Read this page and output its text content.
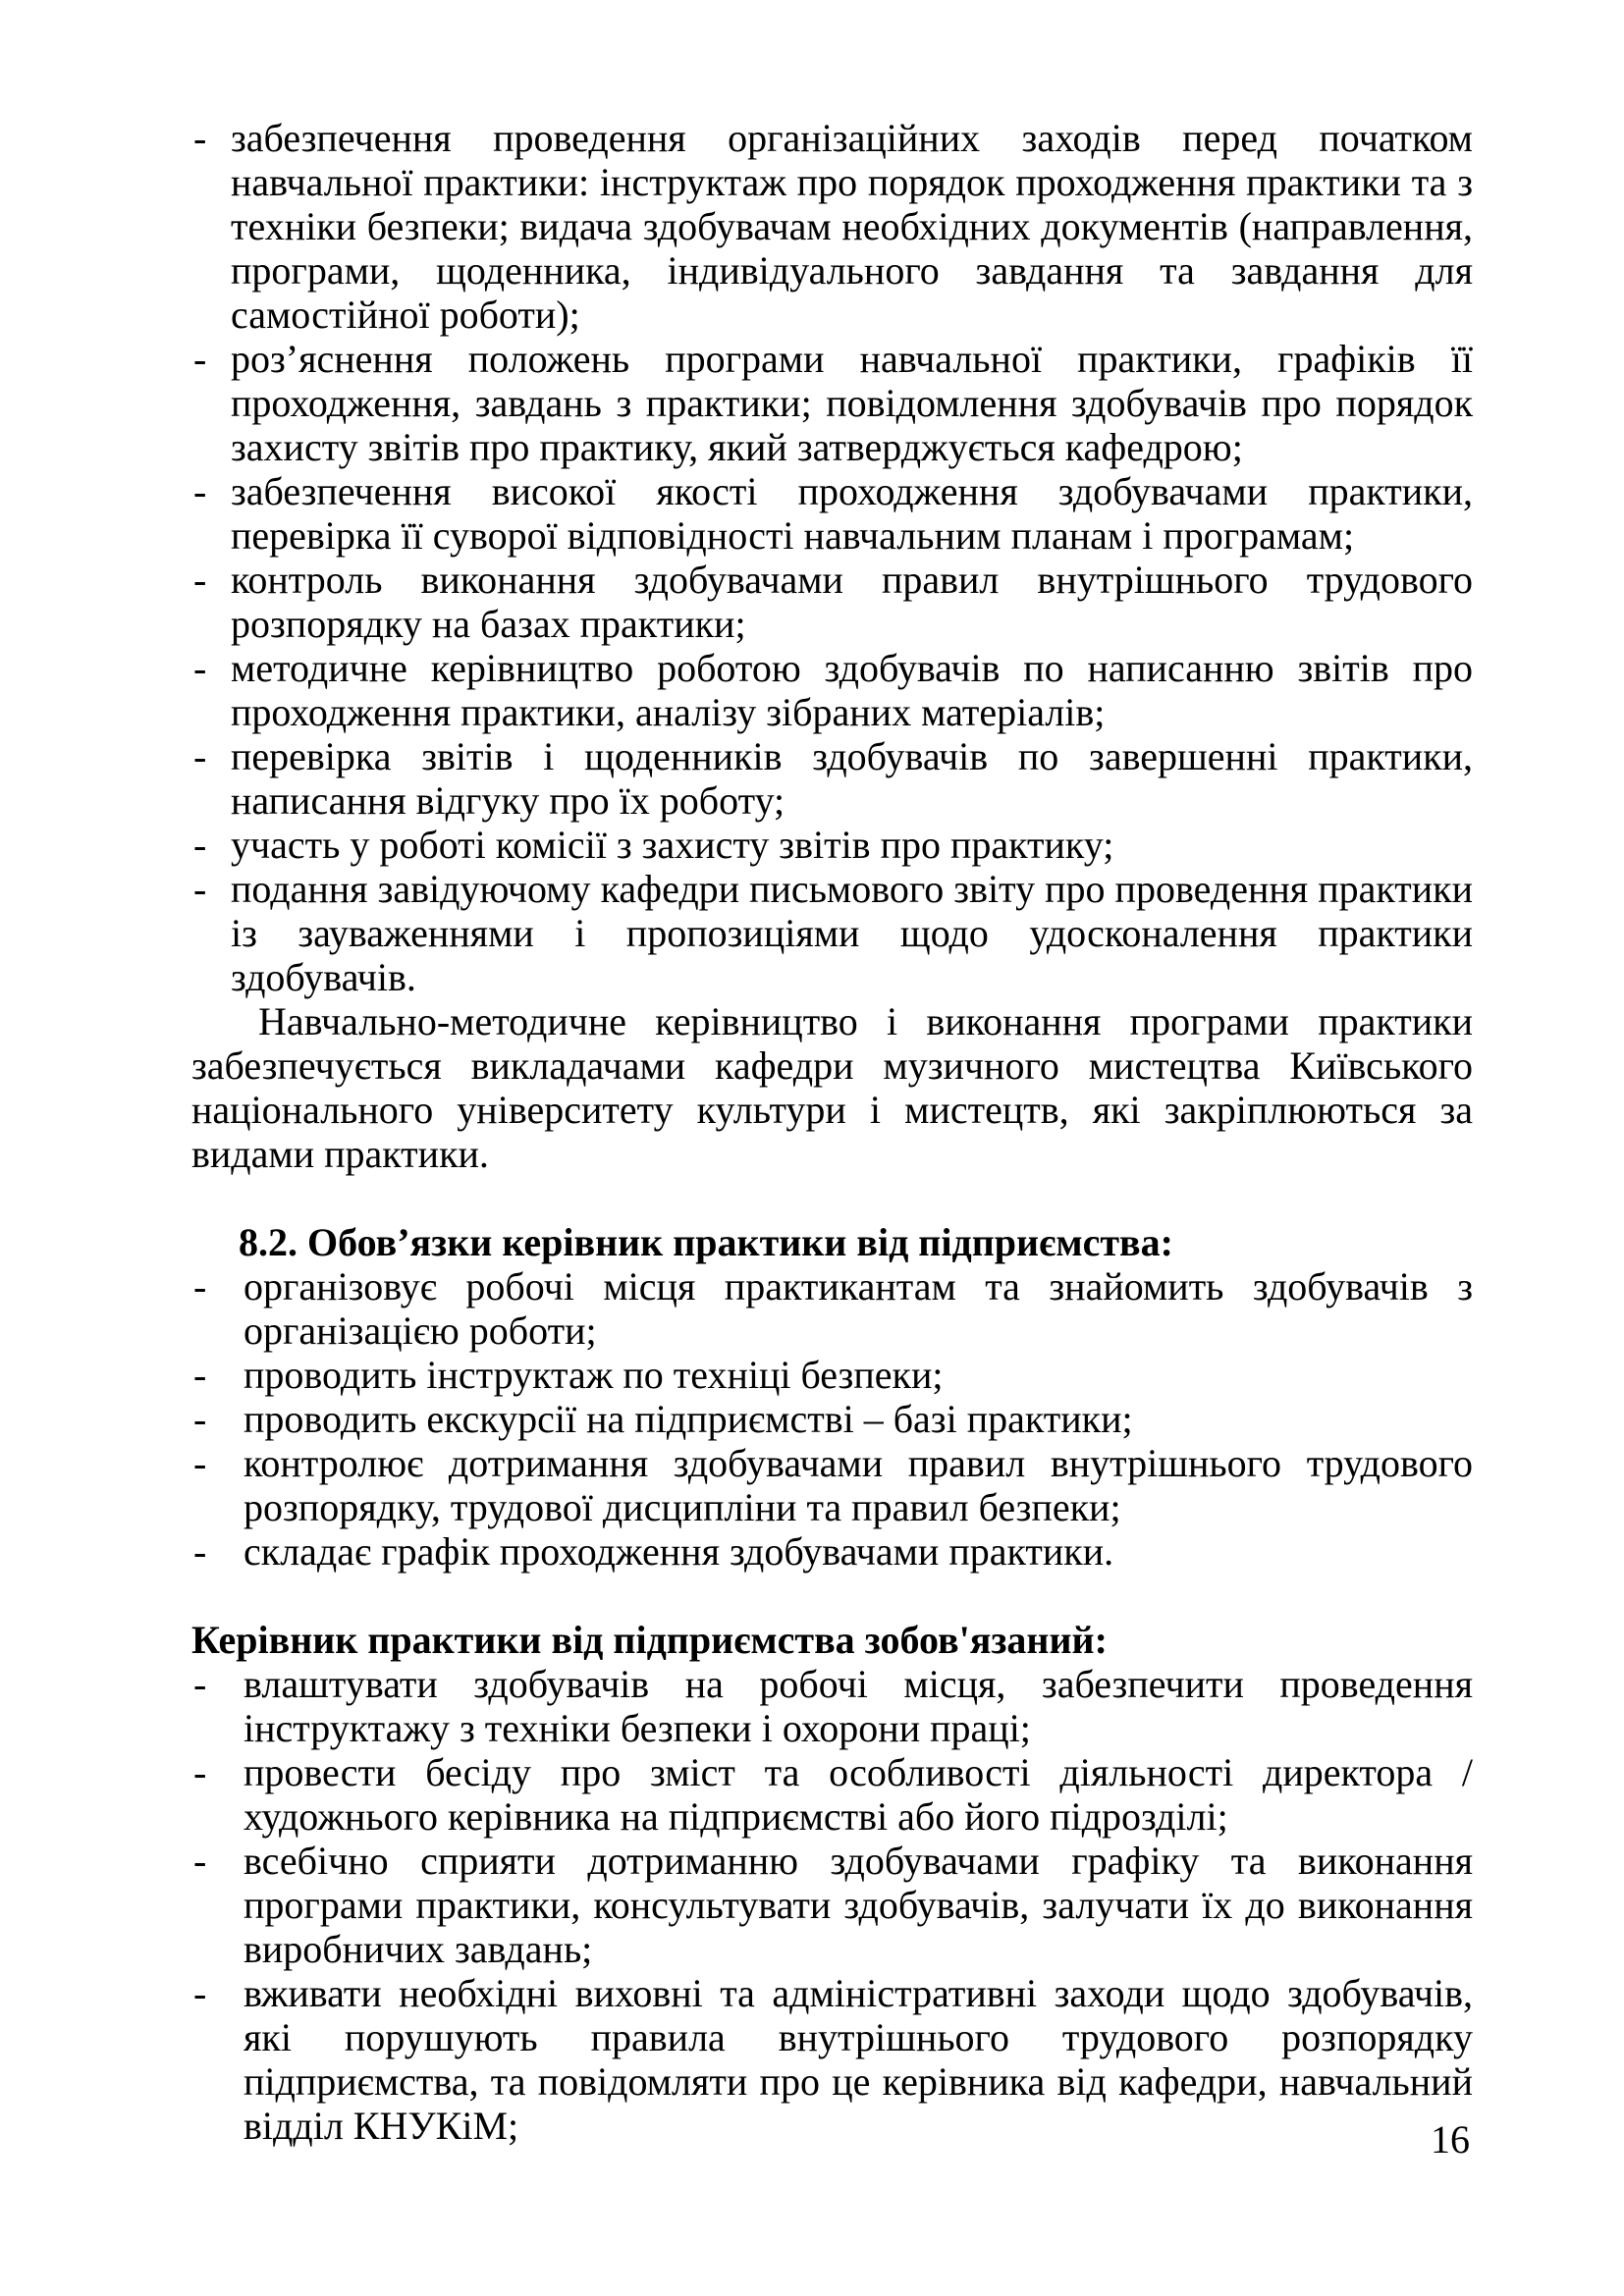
- забезпечення проведення організаційних заходів перед початком навчальної практики: інструктаж про порядок проходження практики та з техніки безпеки; видача здобувачам необхідних документів (направлення, програми, щоденника, індивідуального завдання та завдання для самостійної роботи);
- роз’яснення положень програми навчальної практики, графіків її проходження, завдань з практики; повідомлення здобувачів про порядок захисту звітів про практику, який затверджується кафедрою;
- забезпечення високої якості проходження здобувачами практики, перевірка її суворої відповідності навчальним планам і програмам;
- контроль виконання здобувачами правил внутрішнього трудового розпорядку на базах практики;
- методичне керівництво роботою здобувачів по написанню звітів про проходження практики, аналізу зібраних матеріалів;
- перевірка звітів і щоденників здобувачів по завершенні практики, написання відгуку про їх роботу;
- участь у роботі комісії з захисту звітів про практику;
- подання завідуючому кафедри письмового звіту про проведення практики із зауваженнями і пропозиціями щодо удосконалення практики здобувачів.

Навчально-методичне керівництво і виконання програми практики забезпечується викладачами кафедри музичного мистецтва Київського національного університету культури і мистецтв, які закріплюються за видами практики.

8.2. Обов’язки керівник практики від підприємства:

- організовує робочі місця практикантам та знайомить здобувачів з організацією роботи;
- проводить інструктаж по техніці безпеки;
- проводить екскурсії на підприємстві – базі практики;
- контролює дотримання здобувачами правил внутрішнього трудового розпорядку, трудової дисципліни та правил безпеки;
- складає графік проходження здобувачами практики.

Керівник практики від підприємства зобов'язаний:

- влаштувати здобувачів на робочі місця, забезпечити проведення інструктажу з техніки безпеки і охорони праці;
- провести бесіду про зміст та особливості діяльності директора / художнього керівника на підприємстві або його підрозділі;
- всебічно сприяти дотриманню здобувачами графіку та виконання програми практики, консультувати здобувачів, залучати їх до виконання виробничих завдань;
- вживати необхідні виховні та адміністративні заходи щодо здобувачів, які порушують правила внутрішнього трудового розпорядку підприємства, та повідомляти про це керівника від кафедри, навчальний відділ КНУКіМ;	16
